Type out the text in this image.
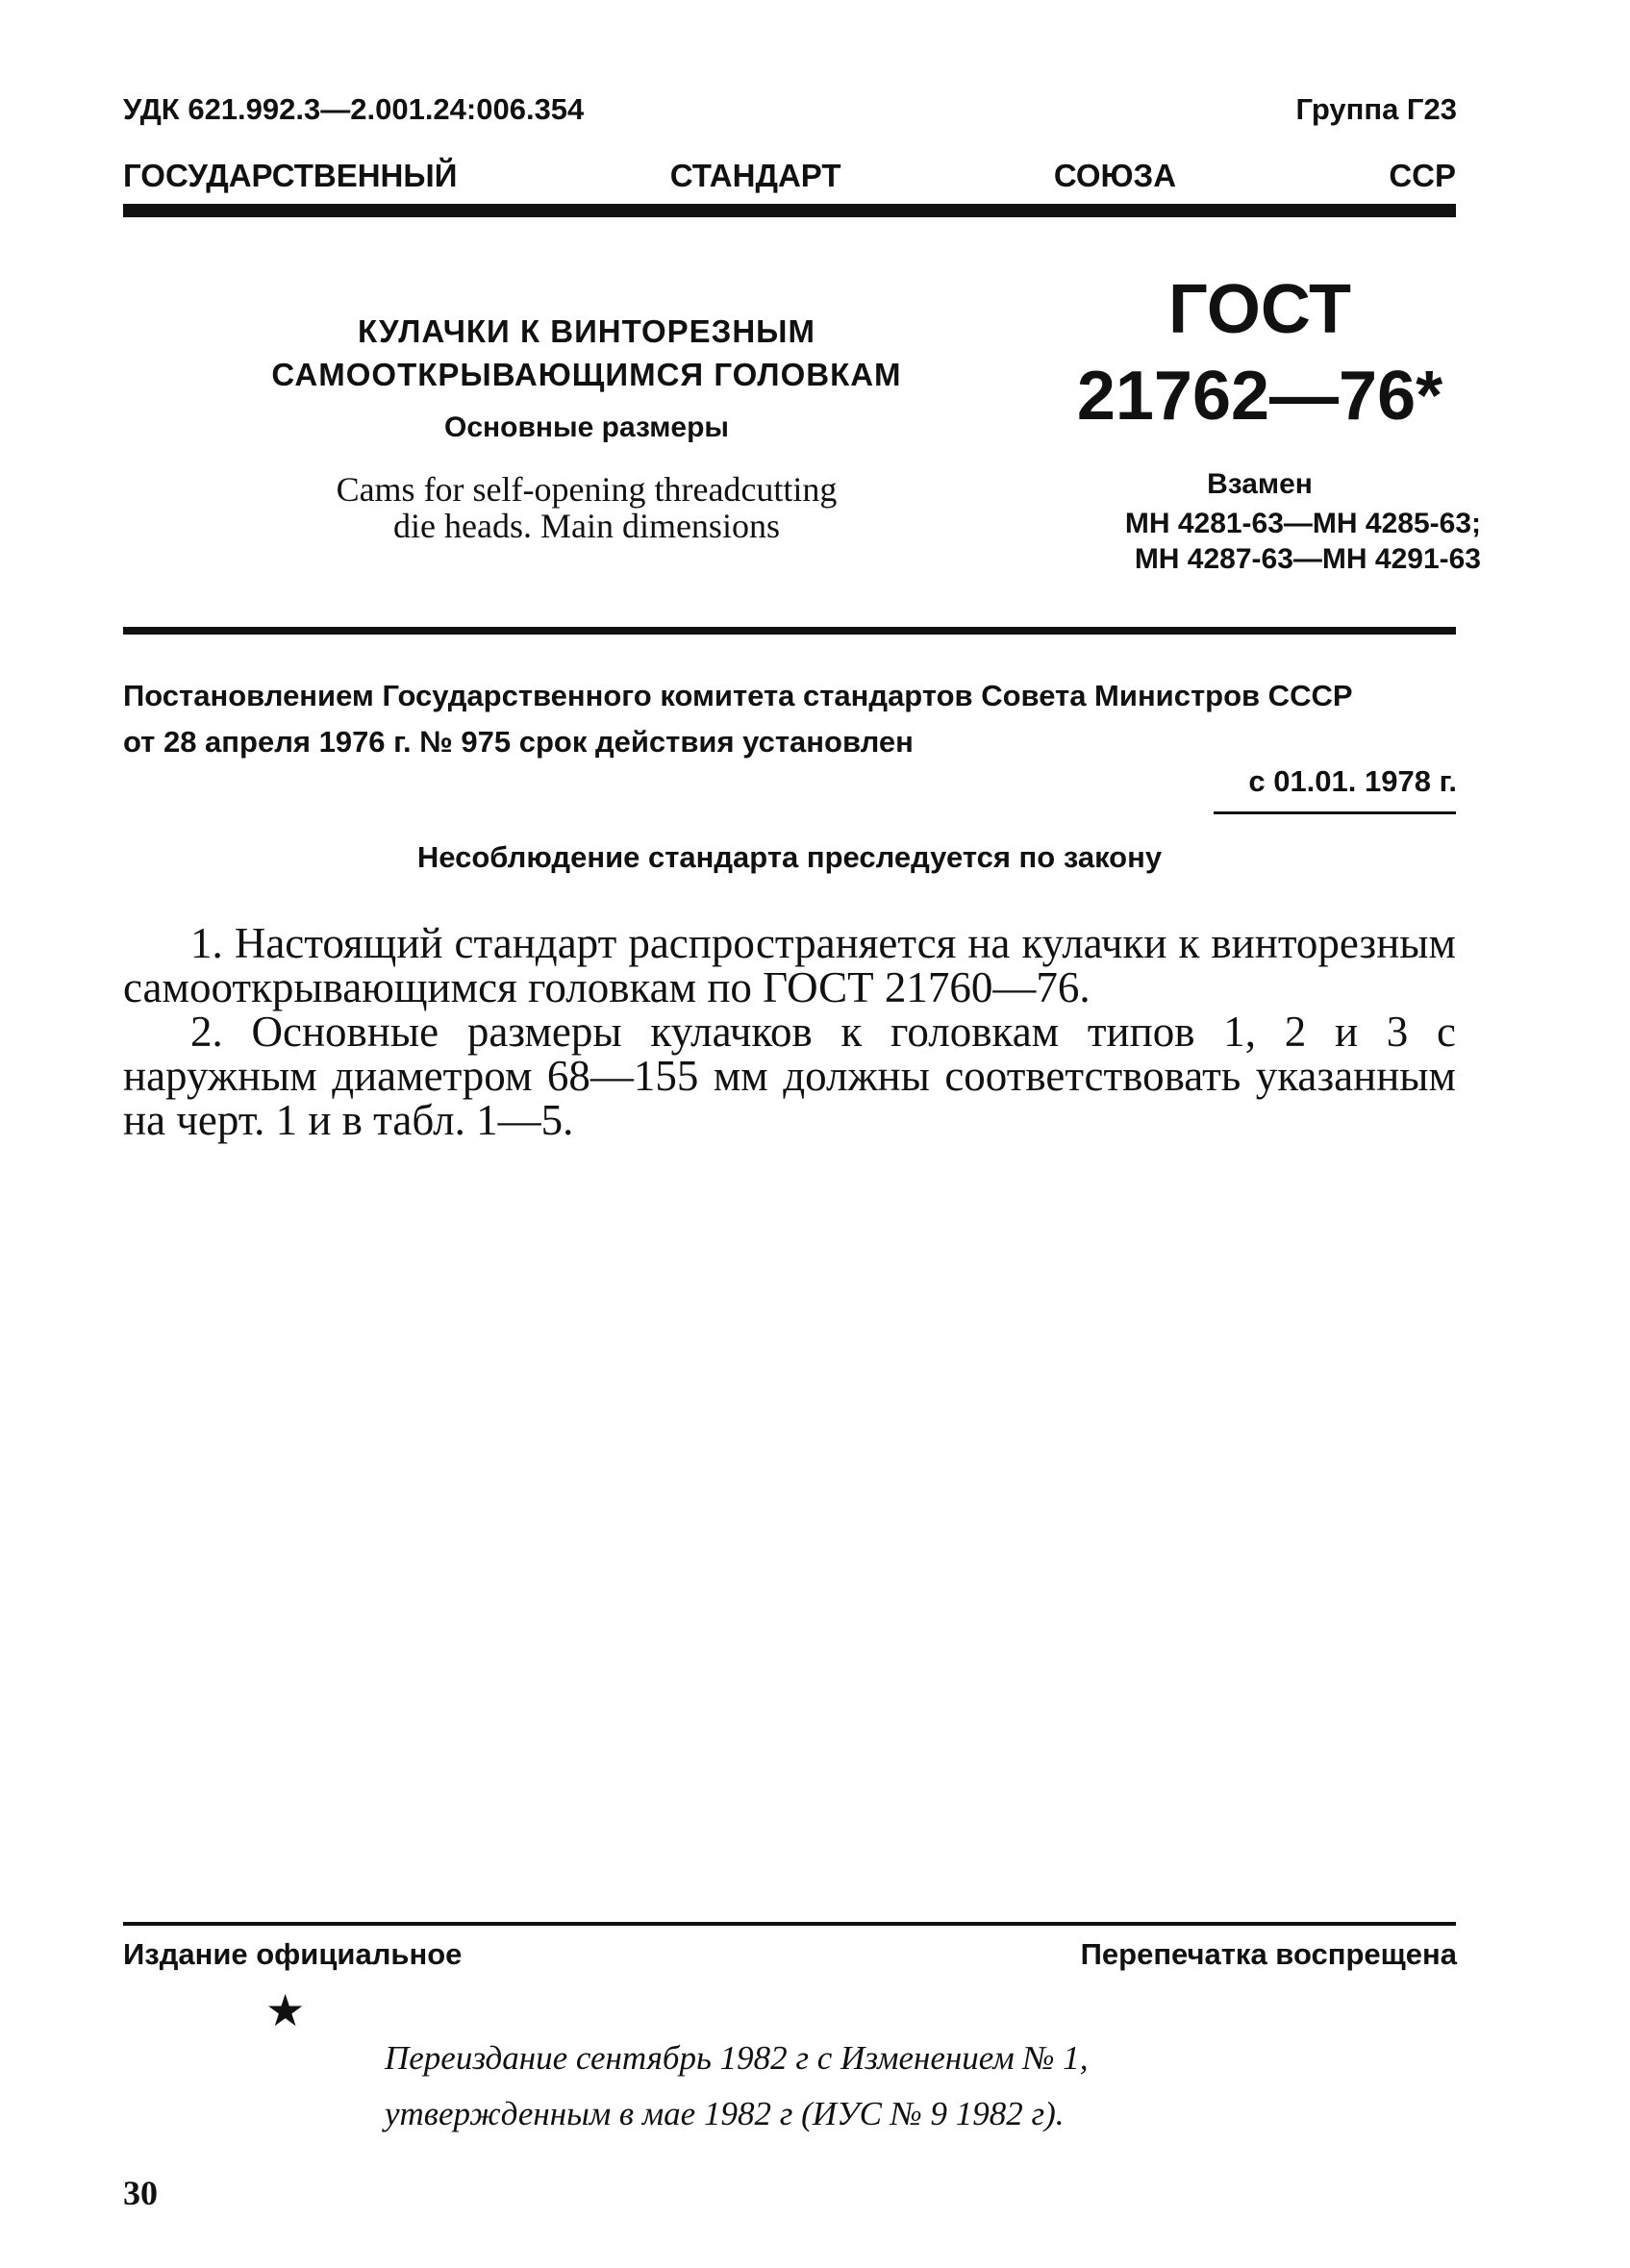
УДК 621.992.3—2.001.24:006.354	Группа Г23
ГОСУДАРСТВЕННЫЙ	СТАНДАРТ	СОЮЗА	ССР
КУЛАЧКИ К ВИНТОРЕЗНЫМ
САМООТКРЫВАЮЩИМСЯ ГОЛОВКАМ
Основные размеры
Cams for self-opening threadcutting
die heads. Main dimensions
ГОСТ
21762—76*
Взамен
МН 4281-63—МН 4285-63;
МН 4287-63—МН 4291-63
Постановлением Государственного комитета стандартов Совета Министров СССР
от 28 апреля 1976 г. № 975 срок действия установлен
с 01.01. 1978 г.
Несоблюдение стандарта преследуется по закону

1. Настоящий стандарт распространяется на кулачки к винторезным самооткрывающимся головкам по ГОСТ 21760—76.

2. Основные размеры кулачков к головкам типов 1, 2 и 3 с наружным диаметром 68—155 мм должны соответствовать указанным на черт. 1 и в табл. 1—5.

Издание официальное	Перепечатка воспрещена
★
Переиздание сентябрь 1982 г с Изменением № 1,
утвержденным в мае 1982 г (ИУС № 9 1982 г).
30
